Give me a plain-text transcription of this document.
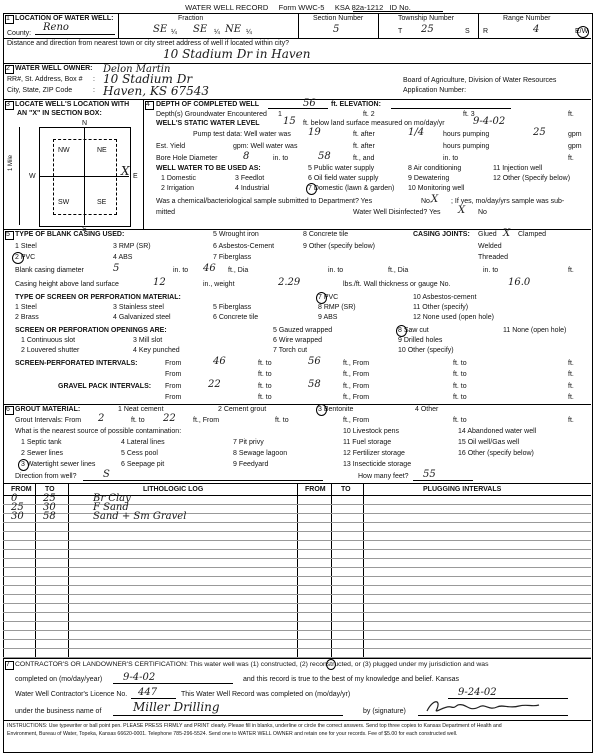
WATER WELL RECORD Form WWC-5 KSA 82a-1212 ID No.
1 LOCATION OF WATER WELL:
County:
Reno
Fraction
SE ¼ SE ¼ NE ¼
Section Number
5
Township Number
T 25	S
Range Number
R	4	E/W
Distance and direction from nearest town or city street address of well if located within city?
10 Stadium Dr in Haven
2 WATER WELL OWNER: Delon Martin
RR#, St. Address, Box # : 10 Stadium Dr
City, State, ZIP Code	: Haven, KS 67543
Board of Agriculture, Division of Water Resources
Application Number:
3 LOCATE WELL'S LOCATION WITH
AN "X" IN SECTION BOX:
N
S
W	E
NW	NE
SW	SE
X
1 Mile
4 DEPTH OF COMPLETED WELL	56 ft. ELEVATION:
Depth(s) Groundwater Encountered 1	ft. 2	ft. 3	ft.
WELL'S STATIC WATER LEVEL 15 ft. below land surface measured on mo/day/yr	9-4-02
Pump test data: Well water was 19	ft. after	1/4	hours pumping	25	gpm
Est. Yield	gpm: Well water was	ft. after	hours pumping	gpm
Bore Hole Diameter	8	in. to	58	ft., and	in. to	ft.
WELL WATER TO BE USED AS:	5 Public water supply	8 Air conditioning	11 Injection well
1 Domestic	3 Feedlot	6 Oil field water supply	9 Dewatering	12 Other (Specify below)
2 Irrigation	4 Industrial	7 Domestic (lawn & garden) 10 Monitoring well
Was a chemical/bacteriological sample submitted to Department? Yes	No. X ; If yes, mo/day/yrs sample was sub-
mitted	Water Well Disinfected? Yes X No
5 TYPE OF BLANK CASING USED:	5 Wrought iron	8 Concrete tile	CASING JOINTS: Glued X Clamped
1 Steel	3 RMP (SR)	6 Asbestos-Cement	9 Other (specify below)	Welded
2 PVC	4 ABS	7 Fiberglass	Threaded
Blank casing diameter	5	in. to 46 ft., Dia	in. to	ft., Dia	in. to	ft.
Casing height above land surface	12	in., weight	2.29	lbs./ft. Wall thickness or gauge No.	16.0
TYPE OF SCREEN OR PERFORATION MATERIAL:	7 PVC	10 Asbestos-cement
1 Steel	3 Stainless steel	5 Fiberglass	8 RMP (SR)	11 Other (specify)
2 Brass	4 Galvanized steel	6 Concrete tile	9 ABS	12 None used (open hole)
SCREEN OR PERFORATION OPENINGS ARE:	5 Gauzed wrapped	8 Saw cut	11 None (open hole)
1 Continuous slot	3 Mill slot	6 Wire wrapped	9 Drilled holes
2 Louvered shutter	4 Key punched	7 Torch cut	10 Other (specify)
SCREEN-PERFORATED INTERVALS:	From	46	ft. to	56	ft., From	ft. to	ft.
From	ft. to	ft., From	ft. to	ft.
GRAVEL PACK INTERVALS: From	22	ft. to	58	ft., From	ft. to	ft.
From	ft. to	ft., From	ft. to	ft.
6 GROUT MATERIAL:	1 Neat cement	2 Cement grout	3 Bentonite	4 Other
Grout Intervals: From 2	ft. to 22 ft., From	ft. to	ft., From	ft. to	ft.
What is the nearest source of possible contamination:	10 Livestock pens	14 Abandoned water well
1 Septic tank	4 Lateral lines	7 Pit privy	11 Fuel storage	15 Oil well/Gas well
2 Sewer lines	5 Cess pool	8 Sewage lagoon	12 Fertilizer storage	16 Other (specify below)
3 Watertight sewer lines	6 Seepage pit	9 Feedyard	13 Insecticide storage
Direction from well?	S	How many feet? 55
FROM TO	LITHOLOGIC LOG	FROM TO	PLUGGING INTERVALS
0	25	Br Clay
25 30	F Sand
30 58	Sand + Sm Gravel
7 CONTRACTOR'S OR LANDOWNER'S CERTIFICATION: This water well was (1) constructed, (2) reconstructed, or (3) plugged under my jurisdiction and was
completed on (mo/day/year) 9-4-02	and this record is true to the best of my knowledge and belief. Kansas
Water Well Contractor's Licence No. 447	This Water Well Record was completed on (mo/day/yr)	9-24-02
under the business name of	Miller Drilling	by (signature)
INSTRUCTIONS: Use typewriter or ball point pen. PLEASE PRESS FIRMLY and PRINT clearly. Please fill in blanks, underline or circle the correct answers. Send top three copies to Kansas Department of Health and
Environment, Bureau of Water, Topeka, Kansas 66620-0001. Telephone 785-296-5524. Send one to WATER WELL OWNER and retain one for your records. Fee of $5.00 for each constructed well.
